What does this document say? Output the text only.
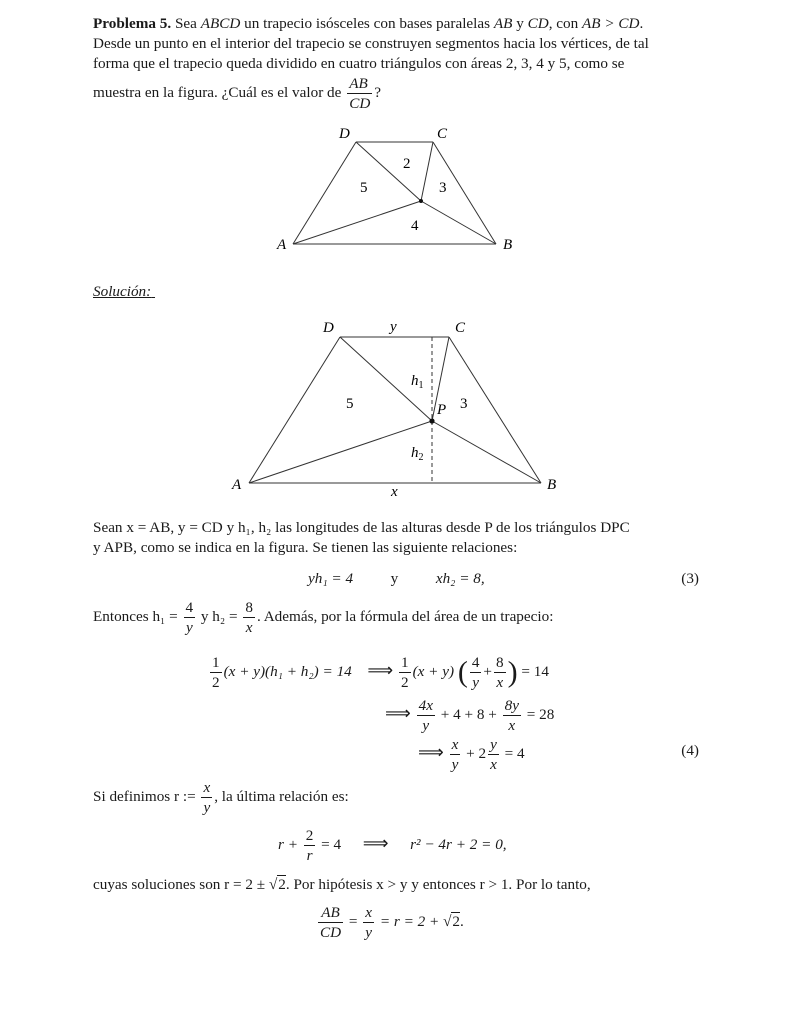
Problema 5. Sea ABCD un trapecio isósceles con bases paralelas AB y CD, con AB > CD.
Desde un punto en el interior del trapecio se construyen segmentos hacia los vértices, de tal
forma que el trapecio queda dividido en cuatro triángulos con áreas 2, 3, 4 y 5, como se
muestra en la figura. ¿Cuál es el valor de $\frac{AB}{CD}$ ?
D	C
A	B
2
5	3
4
Solución:
D	y	C
A	B
x
P
$h_1$
$h_2$
5	3
Sean x = AB, y = CD y h₁, h₂ las longitudes de las alturas desde P de los triángulos DPC
y APB, como se indica en la figura. Se tienen las siguiente relaciones:
yh₁ = 4 y xh₂ = 8,	(3)
Entonces $h_1 = \frac{4}{y}$ y $h_2 = \frac{8}{x}$ . Además, por la fórmula del área de un trapecio:
$\frac{1}{2} (x + y)(h_1 + h_2) = 14$ ⟹ $\frac{1}{2} (x + y)$ ( $\frac{4}{y} + \frac{8}{x}$ ) = 14
⟹ $\frac{4x}{y} + 4 + 8 + \frac{8y}{x} = 28$
⟹ $\frac{x}{y} + 2 \frac{y}{x} = 4$	(4)
Si definimos r := $\frac{x}{y}$ , la última relación es:
$r + \frac{2}{r} = 4$ ⟹ r² − 4r + 2 = 0,
cuyas soluciones son r = 2 ± √2. Por hipótesis x > y y entonces r > 1. Por lo tanto,
$\frac{AB}{CD} = \frac{x}{y} = r = 2 + √2$.
